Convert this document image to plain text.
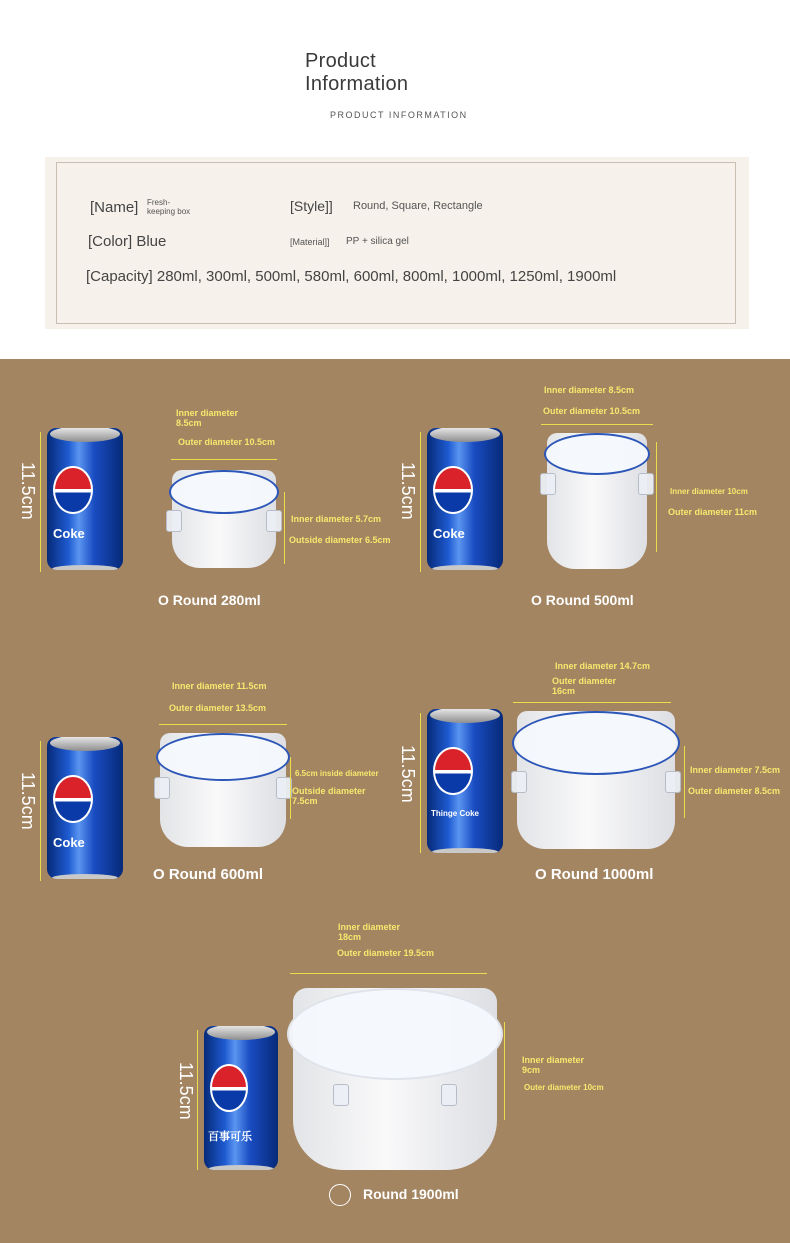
Product
Information
PRODUCT INFORMATION
[Name] Fresh-
keeping box	[Style]] Round, Square, Rectangle
[Color] Blue	[Material]] PP + silica gel
[Capacity] 280ml, 300ml, 500ml, 580ml, 600ml, 800ml, 1000ml, 1250ml, 1900ml
11.5cm
Coke
Inner diameter
8.5cm
Outer diameter 10.5cm
Inner diameter 5.7cm
Outside diameter 6.5cm
O Round 280ml
11.5cm
Coke
Inner diameter 8.5cm
Outer diameter 10.5cm
Inner diameter 10cm
Outer diameter 11cm
O Round 500ml
11.5cm
Coke
Inner diameter 11.5cm
Outer diameter 13.5cm
6.5cm inside diameter
Outside diameter
7.5cm
O Round 600ml
11.5cm
Thinge Coke
Inner diameter 14.7cm
Outer diameter
16cm
Inner diameter 7.5cm
Outer diameter 8.5cm
O Round 1000ml
11.5cm
百事可乐
Inner diameter
18cm
Outer diameter 19.5cm
Inner diameter
9cm
Outer diameter 10cm
Round 1900ml
